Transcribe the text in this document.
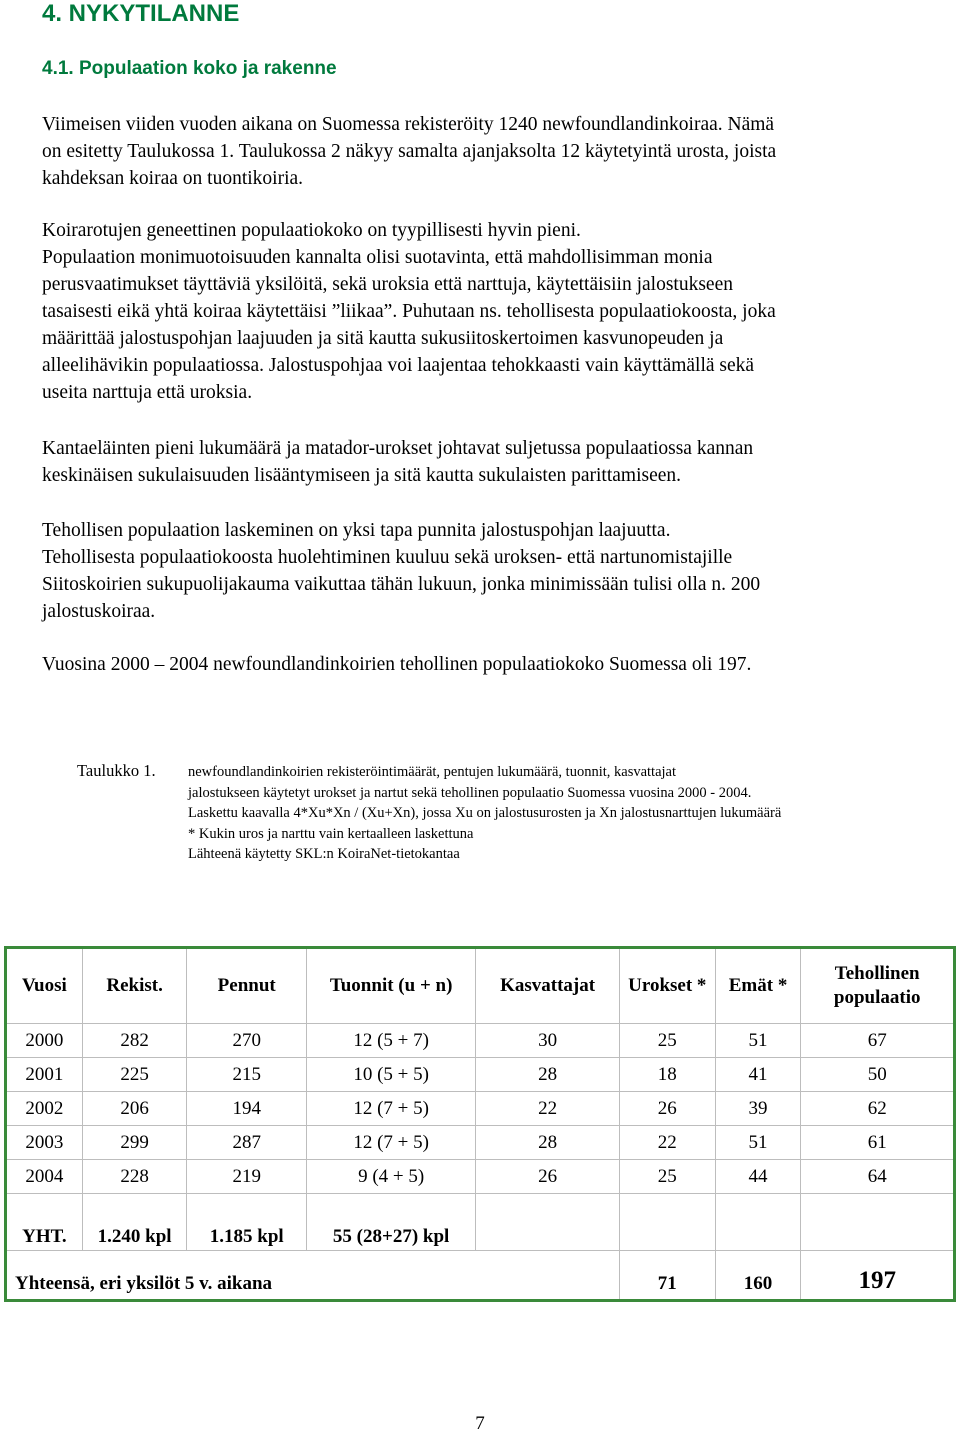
4. NYKYTILANNE
4.1. Populaation koko ja rakenne
Viimeisen viiden vuoden aikana on Suomessa rekisteröity 1240 newfoundlandinkoiraa. Nämä
on esitetty Taulukossa 1. Taulukossa 2 näkyy samalta ajanjaksolta 12 käytetyintä urosta, joista
kahdeksan koiraa on tuontikoiria.
Koirarotujen geneettinen populaatiokoko on tyypillisesti hyvin pieni.
Populaation monimuotoisuuden kannalta olisi suotavinta, että mahdollisimman monia
perusvaatimukset täyttäviä yksilöitä, sekä uroksia että narttuja, käytettäisiin jalostukseen
tasaisesti eikä yhtä koiraa käytettäisi ”liikaa”. Puhutaan ns. tehollisesta populaatiokoosta, joka
määrittää jalostuspohjan laajuuden ja sitä kautta sukusiitoskertoimen kasvunopeuden ja
alleelihävikin populaatiossa. Jalostuspohjaa voi laajentaa tehokkaasti vain käyttämällä sekä
useita narttuja että uroksia.
Kantaeläinten pieni lukumäärä ja matador-urokset johtavat suljetussa populaatiossa kannan
keskinäisen sukulaisuuden lisääntymiseen ja sitä kautta sukulaisten parittamiseen.
Tehollisen populaation laskeminen on yksi tapa punnita jalostuspohjan laajuutta.
Tehollisesta populaatiokoosta huolehtiminen kuuluu sekä uroksen- että nartunomistajille
Siitoskoirien sukupuolijakauma vaikuttaa tähän lukuun, jonka minimissään tulisi olla n. 200
jalostuskoiraa.
Vuosina 2000 – 2004 newfoundlandinkoirien tehollinen populaatiokoko Suomessa oli 197.
Taulukko 1. newfoundlandinkoirien rekisteröintimäärät, pentujen lukumäärä, tuonnit, kasvattajat
jalostukseen käytetyt urokset ja nartut sekä tehollinen populaatio Suomessa vuosina 2000 - 2004.
Laskettu kaavalla 4*Xu*Xn / (Xu+Xn), jossa Xu on jalostusurosten ja Xn jalostusnarttujen lukumäärä
* Kukin uros ja narttu vain kertaalleen laskettuna
Lähteenä käytetty SKL:n KoiraNet-tietokantaa
Vuosi	Rekist.	Pennut	Tuonnit (u + n)	Kasvattajat	Urokset *	Emät *	Tehollinen populaatio
2000	282	270	12 (5 + 7)	30	25	51	67
2001	225	215	10 (5 + 5)	28	18	41	50
2002	206	194	12 (7 + 5)	22	26	39	62
2003	299	287	12 (7 + 5)	28	22	51	61
2004	228	219	9 (4 + 5)	26	25	44	64
YHT.	1.240 kpl	1.185 kpl	55 (28+27) kpl				
Yhteensä, eri yksilöt 5 v. aikana					71	160	197
7
